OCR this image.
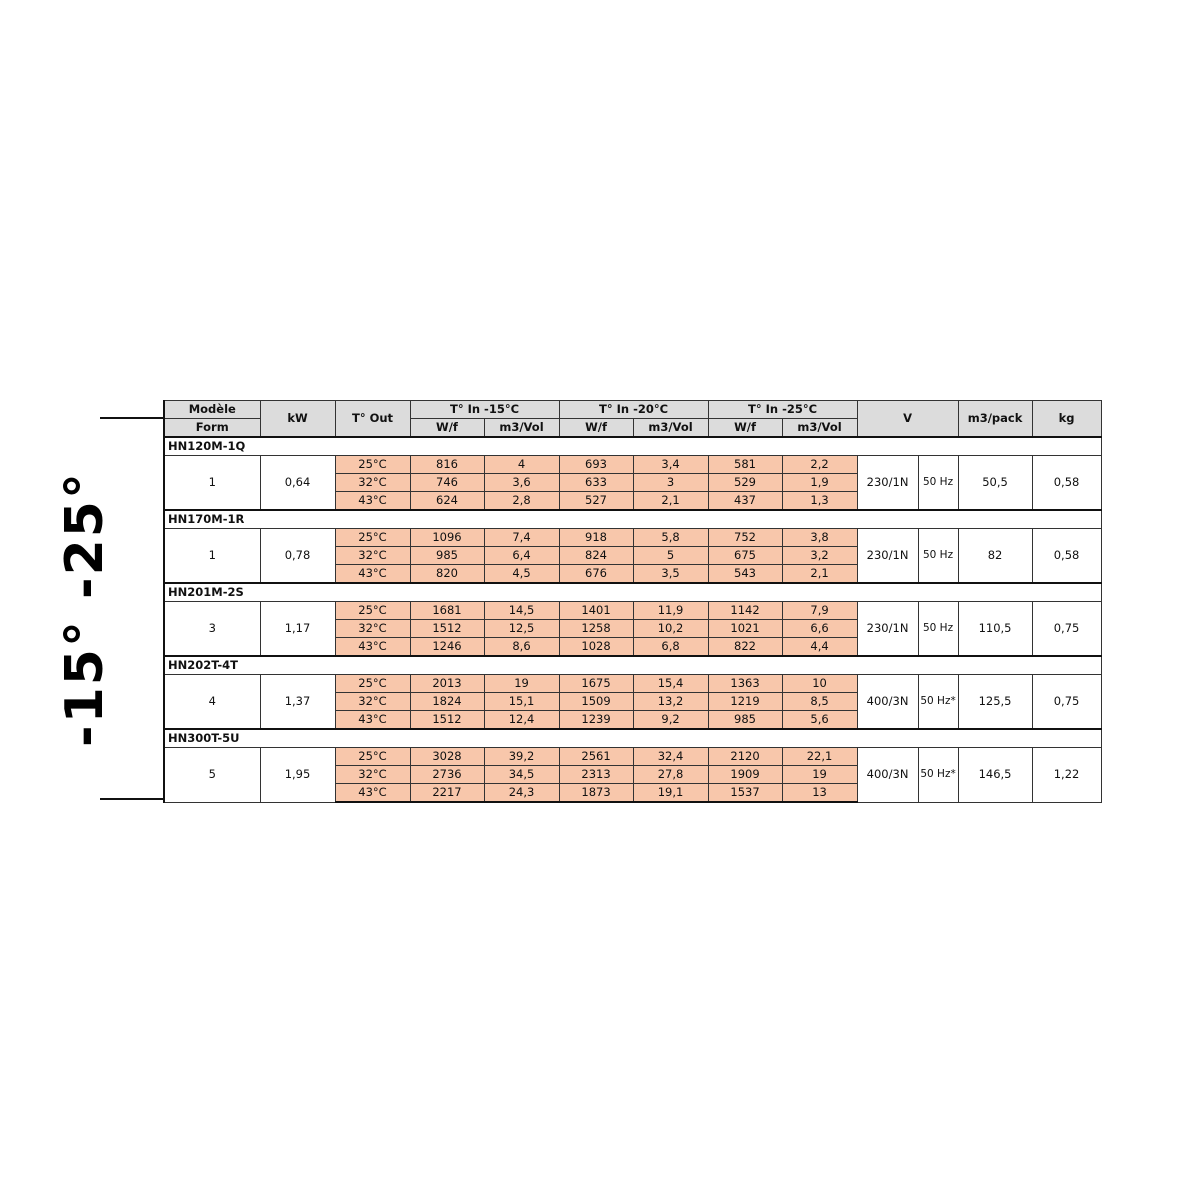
-15° -25°
Modèle	kW	T° Out	T° In -15°C		T° In -20°C		T° In -25°C		V		m3/pack	kg
Form			W/f	m3/Vol	W/f	m3/Vol	W/f	m3/Vol				
HN120M-1Q												
1	0,64	25°C	816	4	693	3,4	581	2,2	230/1N	50 Hz	50,5	0,58
		32°C	746	3,6	633	3	529	1,9				
		43°C	624	2,8	527	2,1	437	1,3				
HN170M-1R												
1	0,78	25°C	1096	7,4	918	5,8	752	3,8	230/1N	50 Hz	82	0,58
		32°C	985	6,4	824	5	675	3,2				
		43°C	820	4,5	676	3,5	543	2,1				
HN201M-2S												
3	1,17	25°C	1681	14,5	1401	11,9	1142	7,9	230/1N	50 Hz	110,5	0,75
		32°C	1512	12,5	1258	10,2	1021	6,6				
		43°C	1246	8,6	1028	6,8	822	4,4				
HN202T-4T												
4	1,37	25°C	2013	19	1675	15,4	1363	10	400/3N	50 Hz*	125,5	0,75
		32°C	1824	15,1	1509	13,2	1219	8,5				
		43°C	1512	12,4	1239	9,2	985	5,6				
HN300T-5U												
5	1,95	25°C	3028	39,2	2561	32,4	2120	22,1	400/3N	50 Hz*	146,5	1,22
		32°C	2736	34,5	2313	27,8	1909	19				
		43°C	2217	24,3	1873	19,1	1537	13				
